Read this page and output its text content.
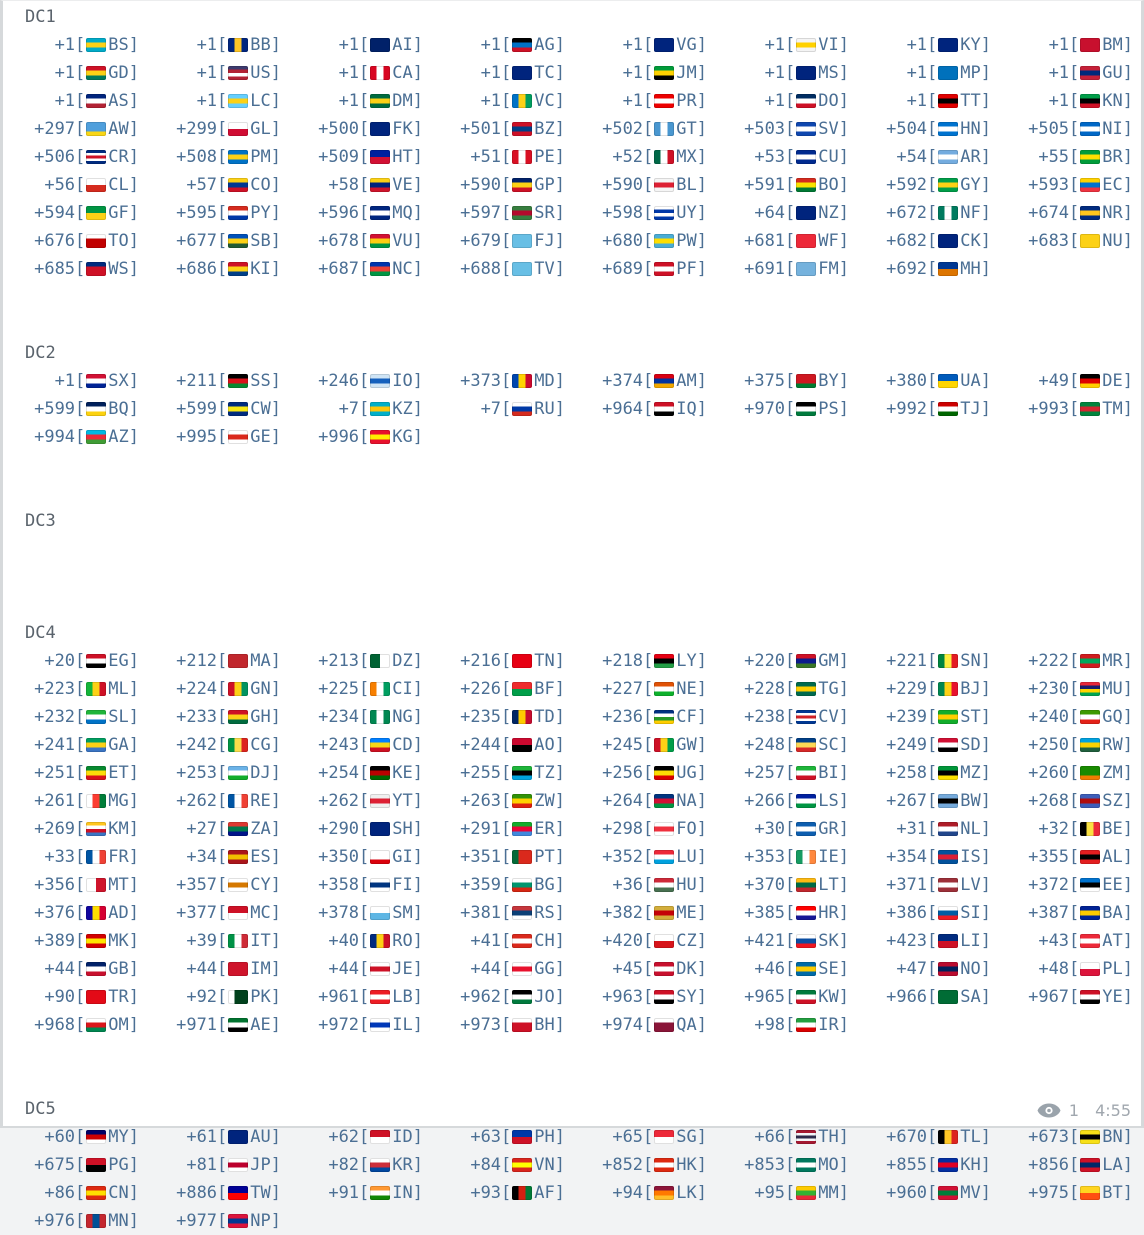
DC1
+1[ BS]	+1[ BB]	+1[ AI]	+1[ AG]	+1[ VG]	+1[ VI]	+1[ KY]	+1[ BM]
+1[ GD]	+1[ US]	+1[ CA]	+1[ TC]	+1[ JM]	+1[ MS]	+1[ MP]	+1[ GU]
+1[ AS]	+1[ LC]	+1[ DM]	+1[ VC]	+1[ PR]	+1[ DO]	+1[ TT]	+1[ KN]
+297[ AW] +299[ GL] +500[ FK] +501[ BZ] +502[ GT] +503[ SV] +504[ HN] +505[ NI]
+506[ CR] +508[ PM] +509[ HT]	+51[ PE]	+52[ MX]	+53[ CU]	+54[ AR]	+55[ BR]
+56[ CL]	+57[ CO]	+58[ VE] +590[ GP] +590[ BL] +591[ BO] +592[ GY] +593[ EC]
+594[ GF] +595[ PY] +596[ MQ] +597[ SR] +598[ UY]	+64[ NZ] +672[ NF] +674[ NR]
+676[ TO] +677[ SB] +678[ VU] +679[ FJ] +680[ PW] +681[ WF] +682[ CK] +683[ NU]
+685[ WS] +686[ KI] +687[ NC] +688[ TV] +689[ PF] +691[ FM] +692[ MH]
DC2
+1[ SX] +211[ SS] +246[ IO] +373[ MD] +374[ AM] +375[ BY] +380[ UA]	+49[ DE]
+599[ BQ] +599[ CW]	+7[ KZ]	+7[ RU] +964[ IQ] +970[ PS] +992[ TJ] +993[ TM]
+994[ AZ] +995[ GE] +996[ KG]
DC3
DC4
+20[ EG] +212[ MA] +213[ DZ] +216[ TN] +218[ LY] +220[ GM] +221[ SN] +222[ MR]
+223[ ML] +224[ GN] +225[ CI] +226[ BF] +227[ NE] +228[ TG] +229[ BJ] +230[ MU]
+232[ SL] +233[ GH] +234[ NG] +235[ TD] +236[ CF] +238[ CV] +239[ ST] +240[ GQ]
+241[ GA] +242[ CG] +243[ CD] +244[ AO] +245[ GW] +248[ SC] +249[ SD] +250[ RW]
+251[ ET] +253[ DJ] +254[ KE] +255[ TZ] +256[ UG] +257[ BI] +258[ MZ] +260[ ZM]
+261[ MG] +262[ RE] +262[ YT] +263[ ZW] +264[ NA] +266[ LS] +267[ BW] +268[ SZ]
+269[ KM]	+27[ ZA] +290[ SH] +291[ ER] +298[ FO]	+30[ GR]	+31[ NL]	+32[ BE]
+33[ FR]	+34[ ES] +350[ GI] +351[ PT] +352[ LU] +353[ IE] +354[ IS] +355[ AL]
+356[ MT] +357[ CY] +358[ FI] +359[ BG]	+36[ HU] +370[ LT] +371[ LV] +372[ EE]
+376[ AD] +377[ MC] +378[ SM] +381[ RS] +382[ ME] +385[ HR] +386[ SI] +387[ BA]
+389[ MK]	+39[ IT]	+40[ RO]	+41[ CH] +420[ CZ] +421[ SK] +423[ LI]	+43[ AT]
+44[ GB]	+44[ IM]	+44[ JE]	+44[ GG]	+45[ DK]	+46[ SE]	+47[ NO]	+48[ PL]
+90[ TR]	+92[ PK] +961[ LB] +962[ JO] +963[ SY] +965[ KW] +966[ SA] +967[ YE]
+968[ OM] +971[ AE] +972[ IL] +973[ BH] +974[ QA]	+98[ IR]
DC5
+60[ MY]	+61[ AU]	+62[ ID]	+63[ PH]	+65[ SG]	+66[ TH] +670[ TL] +673[ BN]
+675[ PG]	+81[ JP]	+82[ KR]	+84[ VN] +852[ HK] +853[ MO] +855[ KH] +856[ LA]
+86[ CN] +886[ TW]	+91[ IN]	+93[ AF]	+94[ LK]	+95[ MM] +960[ MV] +975[ BT]
+976[ MN] +977[ NP]
1 4:55
